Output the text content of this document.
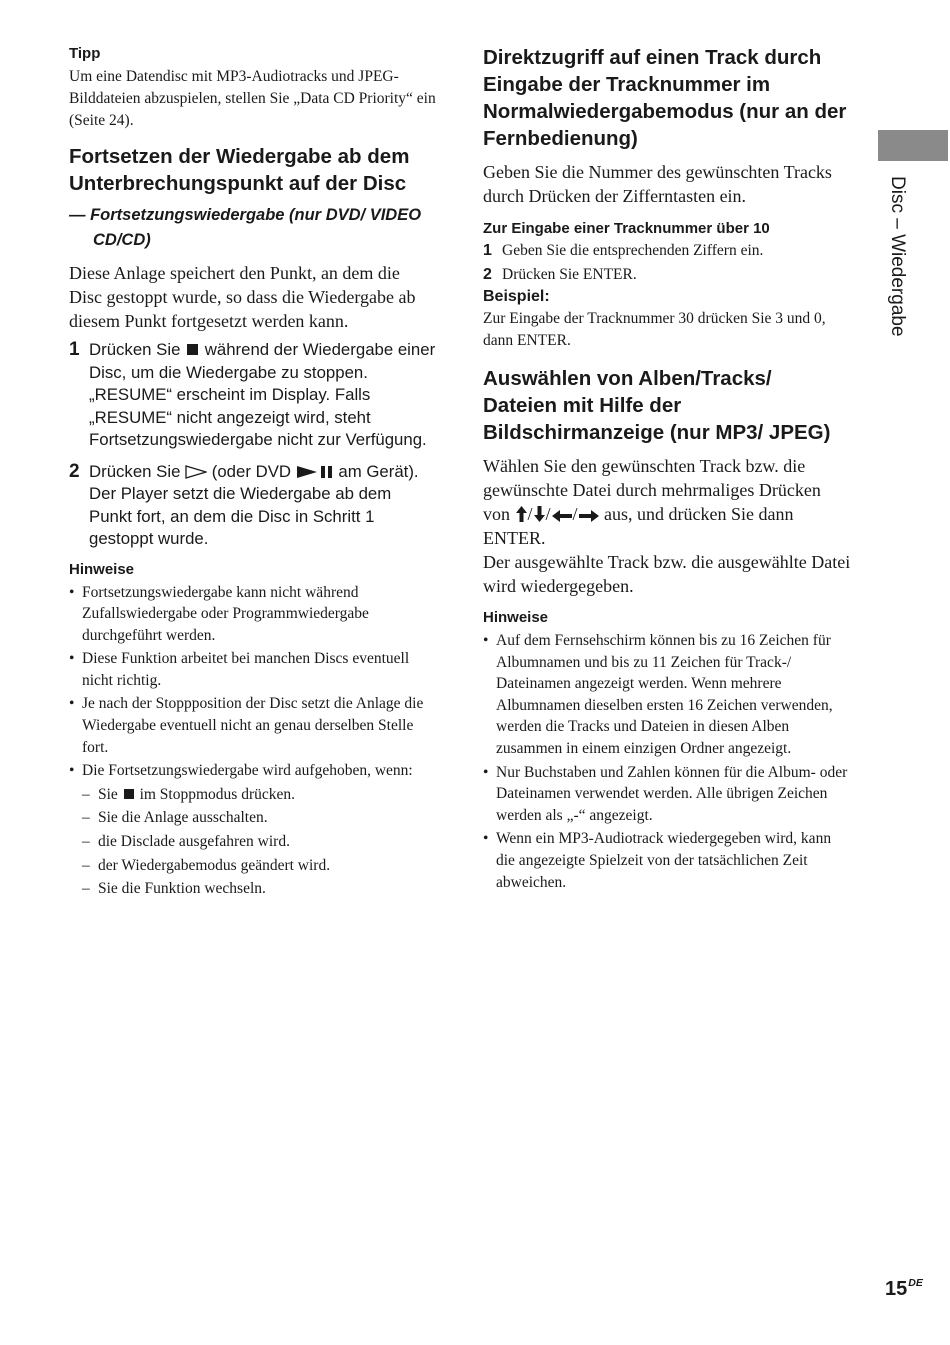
Tipp

Um eine Datendisc mit MP3-Audiotracks und JPEG-Bilddateien abzuspielen, stellen Sie „Data CD Priority“ ein (Seite 24).

Fortsetzen der Wiedergabe ab dem Unterbrechungspunkt auf der Disc

— Fortsetzungswiedergabe (nur DVD/ VIDEO CD/CD)

Diese Anlage speichert den Punkt, an dem die Disc gestoppt wurde, so dass die Wiedergabe ab diesem Punkt fortgesetzt werden kann.

1 Drücken Sie während der Wiedergabe einer Disc, um die Wiedergabe zu stoppen.
„RESUME“ erscheint im Display. Falls „RESUME“ nicht angezeigt wird, steht Fortsetzungswiedergabe nicht zur Verfügung.
2 Drücken Sie (oder DVD	am Gerät).
Der Player setzt die Wiedergabe ab dem Punkt fort, an dem die Disc in Schritt 1 gestoppt wurde.

Hinweise

• Fortsetzungswiedergabe kann nicht während Zufallswiedergabe oder Programmwiedergabe durchgeführt werden.
• Diese Funktion arbeitet bei manchen Discs eventuell nicht richtig.
• Je nach der Stoppposition der Disc setzt die Anlage die Wiedergabe eventuell nicht an genau derselben Stelle fort.
• Die Fortsetzungswiedergabe wird aufgehoben, wenn:
– Sie im Stoppmodus drücken.
– Sie die Anlage ausschalten.
– die Disclade ausgefahren wird.
– der Wiedergabemodus geändert wird.
– Sie die Funktion wechseln.
Direktzugriff auf einen Track durch Eingabe der Tracknummer im Normalwiedergabemodus (nur an der Fernbedienung)

Geben Sie die Nummer des gewünschten Tracks durch Drücken der Zifferntasten ein.

Zur Eingabe einer Tracknummer über 10

1 Geben Sie die entsprechenden Ziffern ein.

2 Drücken Sie ENTER.

Beispiel:

Zur Eingabe der Tracknummer 30 drücken Sie 3 und 0, dann ENTER.

Auswählen von Alben/Tracks/ Dateien mit Hilfe der Bildschirmanzeige (nur MP3/ JPEG)

Wählen Sie den gewünschten Track bzw. die gewünschte Datei durch mehrmaliges Drücken von / / / aus, und drücken Sie dann ENTER.

Der ausgewählte Track bzw. die ausgewählte Datei wird wiedergegeben.

Hinweise

• Auf dem Fernsehschirm können bis zu 16 Zeichen für Albumnamen und bis zu 11 Zeichen für Track-/ Dateinamen angezeigt werden. Wenn mehrere Albumnamen dieselben ersten 16 Zeichen verwenden, werden die Tracks und Dateien in diesen Alben zusammen in einem einzigen Ordner angezeigt.
• Nur Buchstaben und Zahlen können für die Album- oder Dateinamen verwendet werden. Alle übrigen Zeichen werden als „-“ angezeigt.
• Wenn ein MP3-Audiotrack wiedergegeben wird, kann die angezeigte Spielzeit von der tatsächlichen Zeit abweichen.
Disc – Wiedergabe
15DE
